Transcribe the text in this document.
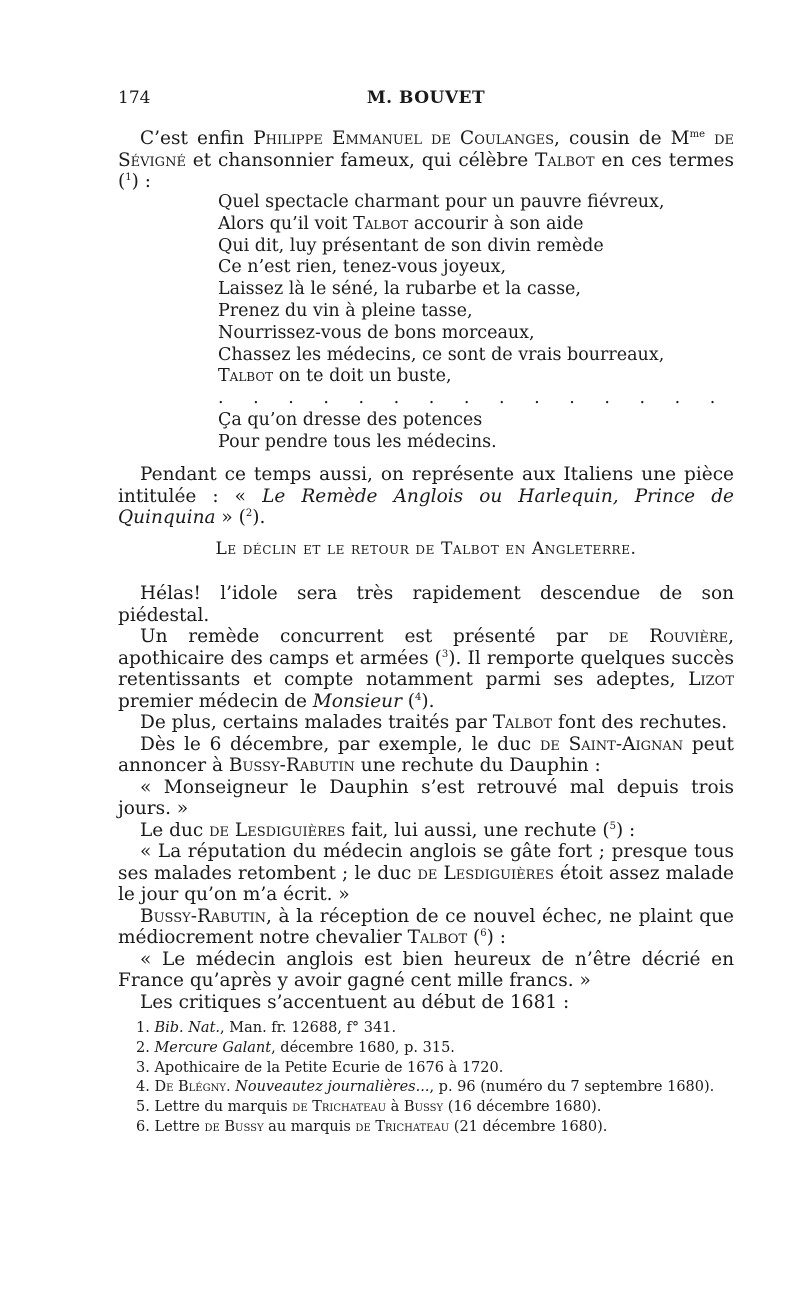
174	M. BOUVET

C’est enfin Philippe Emmanuel de Coulanges, cousin de $M^{me}$ de Sévigné et chansonnier fameux, qui célèbre Talbot en ces termes ($^1$) :

Quel spectacle charmant pour un pauvre fiévreux,
Alors qu’il voit Talbot accourir à son aide
Qui dit, luy présentant de son divin remède
Ce n’est rien, tenez-vous joyeux,
Laissez là le séné, la rubarbe et la casse,
Prenez du vin à pleine tasse,
Nourrissez-vous de bons morceaux,
Chassez les médecins, ce sont de vrais bourreaux,
Talbot on te doit un buste,
. . . . . . . . . . . . . . .
Ça qu’on dresse des potences
Pour pendre tous les médecins.

Pendant ce temps aussi, on représente aux Italiens une pièce intitulée : « Le Remède Anglois ou Harlequin, Prince de Quinquina » ($^2$).

Le déclin et le retour de Talbot en Angleterre.

Hélas! l’idole sera très rapidement descendue de son piédestal.

Un remède concurrent est présenté par de Rouvière, apothicaire des camps et armées ($^3$). Il remporte quelques succès retentissants et compte notamment parmi ses adeptes, Lizot premier médecin de Monsieur ($^4$).

De plus, certains malades traités par Talbot font des rechutes.

Dès le 6 décembre, par exemple, le duc de Saint-Aignan peut annoncer à Bussy-Rabutin une rechute du Dauphin :

« Monseigneur le Dauphin s’est retrouvé mal depuis trois jours. »

Le duc de Lesdiguières fait, lui aussi, une rechute ($^5$) :

« La réputation du médecin anglois se gâte fort ; presque tous ses malades retombent ; le duc de Lesdiguières étoit assez malade le jour qu’on m’a écrit. »

Bussy-Rabutin, à la réception de ce nouvel échec, ne plaint que médiocrement notre chevalier Talbot ($^6$) :

« Le médecin anglois est bien heureux de n’être décrié en France qu’après y avoir gagné cent mille francs. »

Les critiques s’accentuent au début de 1681 :

1. Bib. Nat., Man. fr. 12688, f° 341.
2. Mercure Galant, décembre 1680, p. 315.
3. Apothicaire de la Petite Ecurie de 1676 à 1720.
4. De Blégny. Nouveautez journalières..., p. 96 (numéro du 7 septembre 1680).
5. Lettre du marquis de Trichateau à Bussy (16 décembre 1680).
6. Lettre de Bussy au marquis de Trichateau (21 décembre 1680).
